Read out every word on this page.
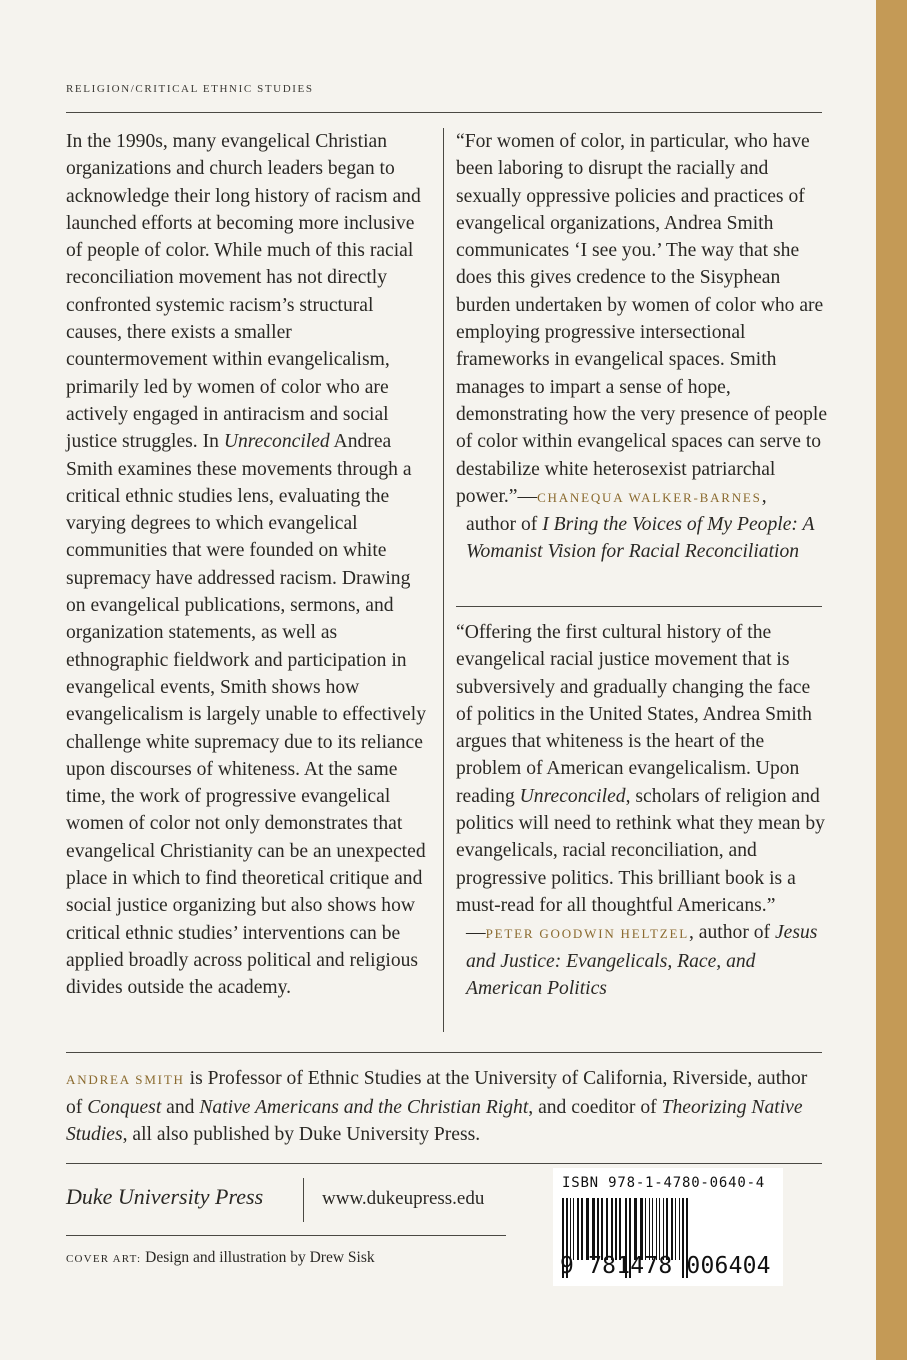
RELIGION/CRITICAL ETHNIC STUDIES

In the 1990s, many evangelical Christian organizations and church leaders began to acknowledge their long history of racism and launched efforts at becoming more inclusive of people of color. While much of this racial reconciliation movement has not directly confronted systemic racism’s structural causes, there exists a smaller countermovement within evangelicalism, primarily led by women of color who are actively engaged in antiracism and social justice struggles. In Unreconciled Andrea Smith examines these movements through a critical ethnic studies lens, evaluating the varying degrees to which evangelical communities that were founded on white supremacy have addressed racism. Drawing on evangelical publications, sermons, and organization statements, as well as ethnographic fieldwork and participation in evangelical events, Smith shows how evangelicalism is largely unable to effectively challenge white supremacy due to its reliance upon discourses of whiteness. At the same time, the work of progressive evangelical women of color not only demonstrates that evangelical Christianity can be an unexpected place in which to find theoretical critique and social justice organizing but also shows how critical ethnic studies’ interventions can be applied broadly across political and religious divides outside the academy.

“For women of color, in particular, who have been laboring to disrupt the racially and sexually oppressive policies and practices of evangelical organizations, Andrea Smith communicates ‘I see you.’ The way that she does this gives credence to the Sisyphean burden undertaken by women of color who are employing progressive intersectional frameworks in evangelical spaces. Smith manages to impart a sense of hope, demonstrating how the very presence of people of color within evangelical spaces can serve to destabilize white heterosexist patriarchal power.”—CHANEQUA WALKER-BARNES,
author of I Bring the Voices of My People: A Womanist Vision for Racial Reconciliation

“Offering the first cultural history of the evangelical racial justice movement that is subversively and gradually changing the face of politics in the United States, Andrea Smith argues that whiteness is the heart of the problem of American evangelicalism. Upon reading Unreconciled, scholars of religion and politics will need to rethink what they mean by evangelicals, racial reconciliation, and progressive politics. This brilliant book is a must-read for all thoughtful Americans.”
—PETER GOODWIN HELTZEL, author of Jesus and Justice: Evangelicals, Race, and American Politics

ANDREA SMITH is Professor of Ethnic Studies at the University of California, Riverside, author of Conquest and Native Americans and the Christian Right, and coeditor of Theorizing Native Studies, all also published by Duke University Press.

Duke University Press	www.dukeupress.edu
COVER ART: Design and illustration by Drew Sisk
ISBN 978-1-4780-0640-4
9 781478 006404
